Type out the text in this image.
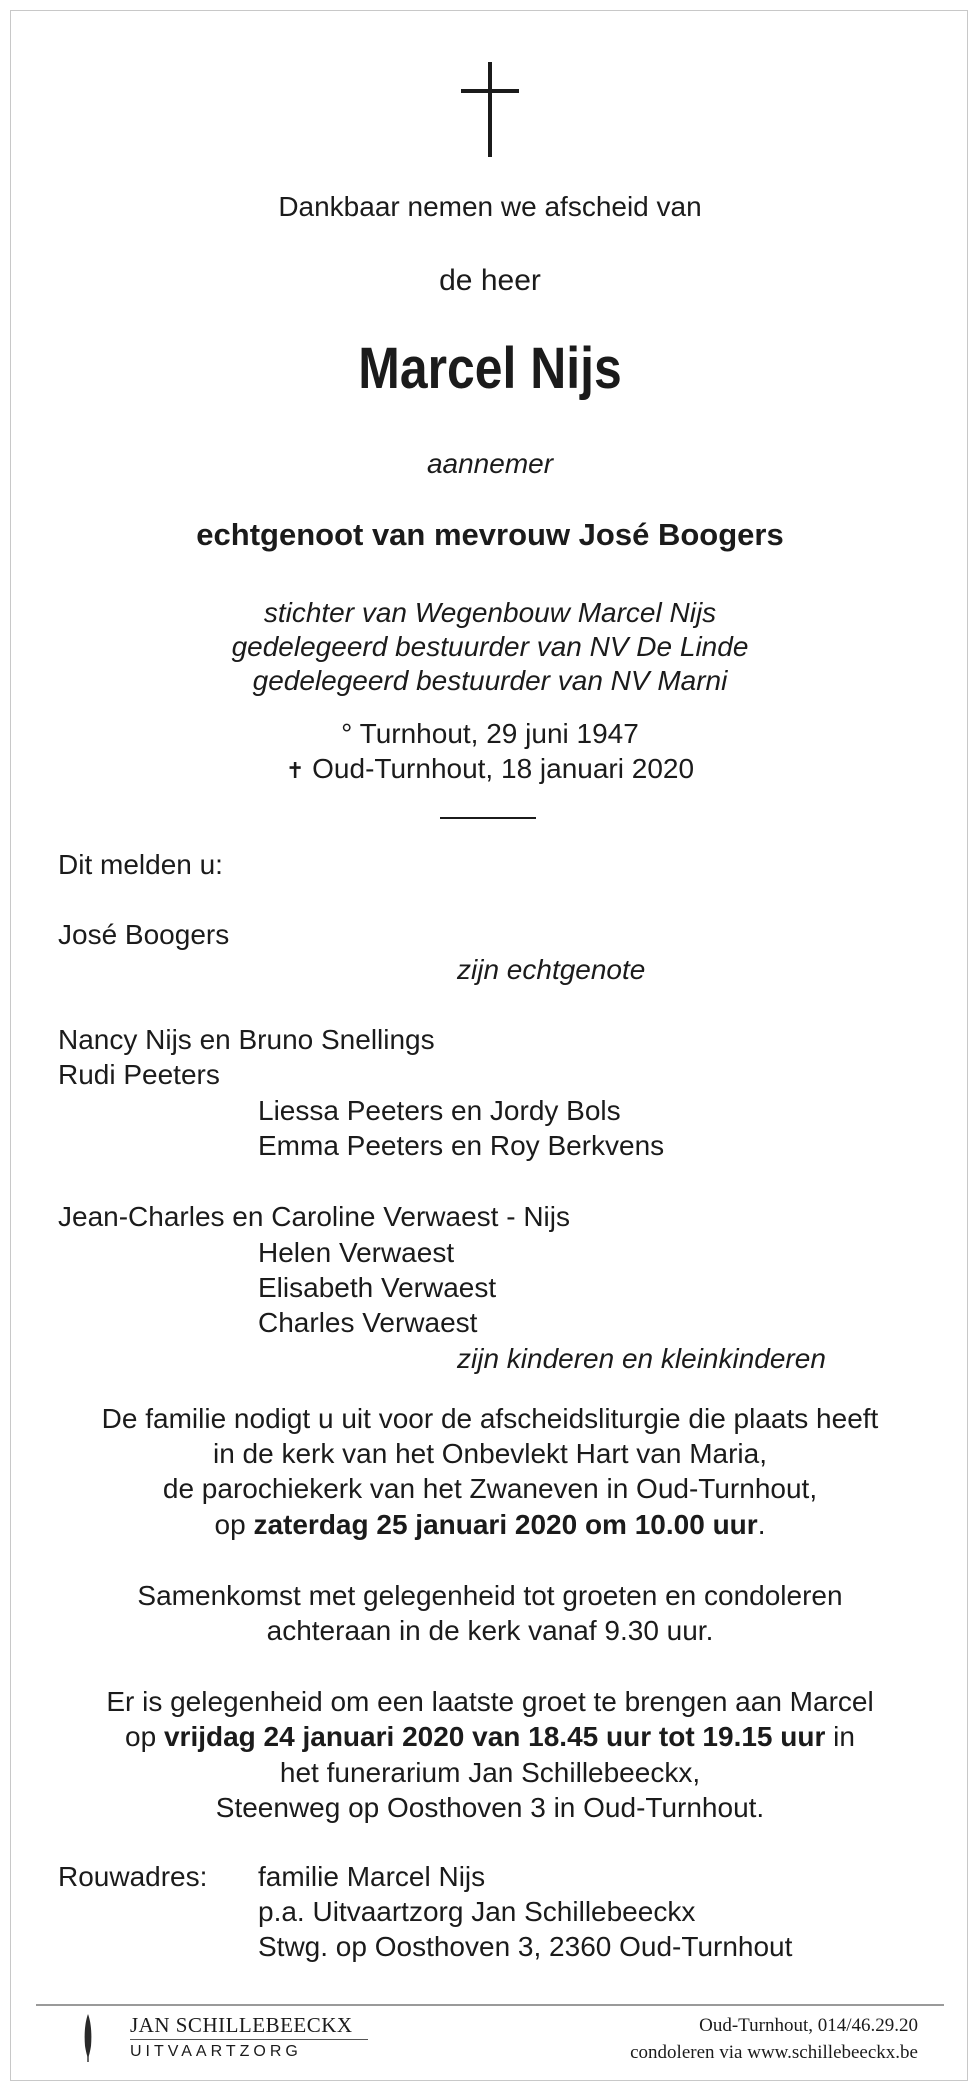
Dankbaar nemen we afscheid van
de heer
Marcel Nijs
aannemer
echtgenoot van mevrouw José Boogers
stichter van Wegenbouw Marcel Nijs
gedelegeerd bestuurder van NV De Linde
gedelegeerd bestuurder van NV Marni
° Turnhout, 29 juni 1947
✝ Oud-Turnhout, 18 januari 2020
Dit melden u:
José Boogers
zijn echtgenote
Nancy Nijs en Bruno Snellings
Rudi Peeters
Liessa Peeters en Jordy Bols
Emma Peeters en Roy Berkvens
Jean-Charles en Caroline Verwaest - Nijs
Helen Verwaest
Elisabeth Verwaest
Charles Verwaest
zijn kinderen en kleinkinderen
De familie nodigt u uit voor de afscheidsliturgie die plaats heeft
in de kerk van het Onbevlekt Hart van Maria,
de parochiekerk van het Zwaneven in Oud-Turnhout,
op zaterdag 25 januari 2020 om 10.00 uur.
Samenkomst met gelegenheid tot groeten en condoleren
achteraan in de kerk vanaf 9.30 uur.
Er is gelegenheid om een laatste groet te brengen aan Marcel
op vrijdag 24 januari 2020 van 18.45 uur tot 19.15 uur in
het funerarium Jan Schillebeeckx,
Steenweg op Oosthoven 3 in Oud-Turnhout.
Rouwadres: familie Marcel Nijs
p.a. Uitvaartzorg Jan Schillebeeckx
Stwg. op Oosthoven 3, 2360 Oud-Turnhout
JAN SCHILLEBEECKX
UITVAARTZORG
Oud-Turnhout, 014/46.29.20
condoleren via www.schillebeeckx.be
